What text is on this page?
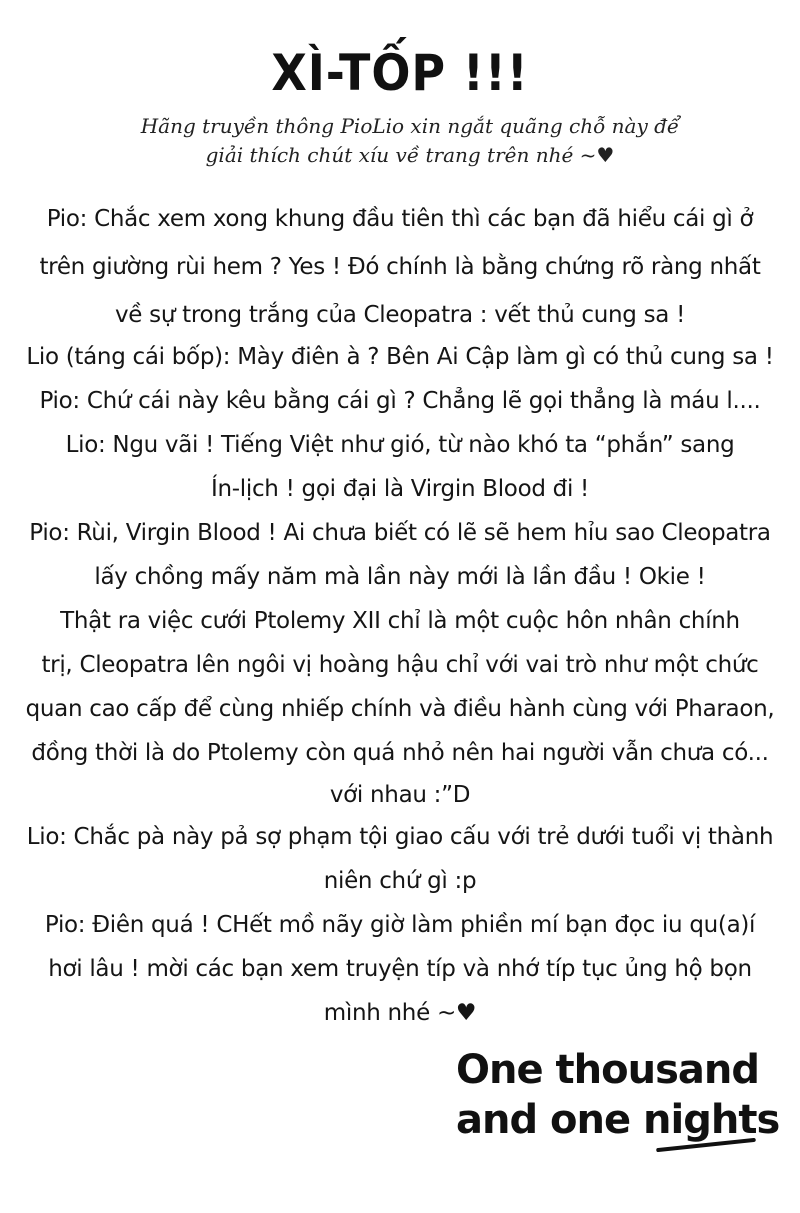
XÌ-TỐP !!!
Hãng truyền thông PioLio xin ngắt quãng chỗ này để
giải thích chút xíu về trang trên nhé ~♥
Pio: Chắc xem xong khung đầu tiên thì các bạn đã hiểu cái gì ở
trên giường rùi hem ? Yes ! Đó chính là bằng chứng rõ ràng nhất
về sự trong trắng của Cleopatra : vết thủ cung sa !
Lio (táng cái bốp): Mày điên à ? Bên Ai Cập làm gì có thủ cung sa !
Pio: Chứ cái này kêu bằng cái gì ? Chẳng lẽ gọi thẳng là máu l....
Lio: Ngu vãi ! Tiếng Việt như gió, từ nào khó ta “phắn” sang
Ín-lịch ! gọi đại là Virgin Blood đi !
Pio: Rùi, Virgin Blood ! Ai chưa biết có lẽ sẽ hem hỉu sao Cleopatra
lấy chồng mấy năm mà lần này mới là lần đầu ! Okie !
Thật ra việc cưới Ptolemy XII chỉ là một cuộc hôn nhân chính
trị, Cleopatra lên ngôi vị hoàng hậu chỉ với vai trò như một chức
quan cao cấp để cùng nhiếp chính và điều hành cùng với Pharaon,
đồng thời là do Ptolemy còn quá nhỏ nên hai người vẫn chưa có...
với nhau :”D
Lio: Chắc pà này pả sợ phạm tội giao cấu với trẻ dưới tuổi vị thành
niên chứ gì :p
Pio: Điên quá ! CHết mồ nãy giờ làm phiền mí bạn đọc iu qu(a)í
hơi lâu ! mời các bạn xem truyện típ và nhớ típ tục ủng hộ bọn
mình nhé ~♥
One thousand
and one nights
